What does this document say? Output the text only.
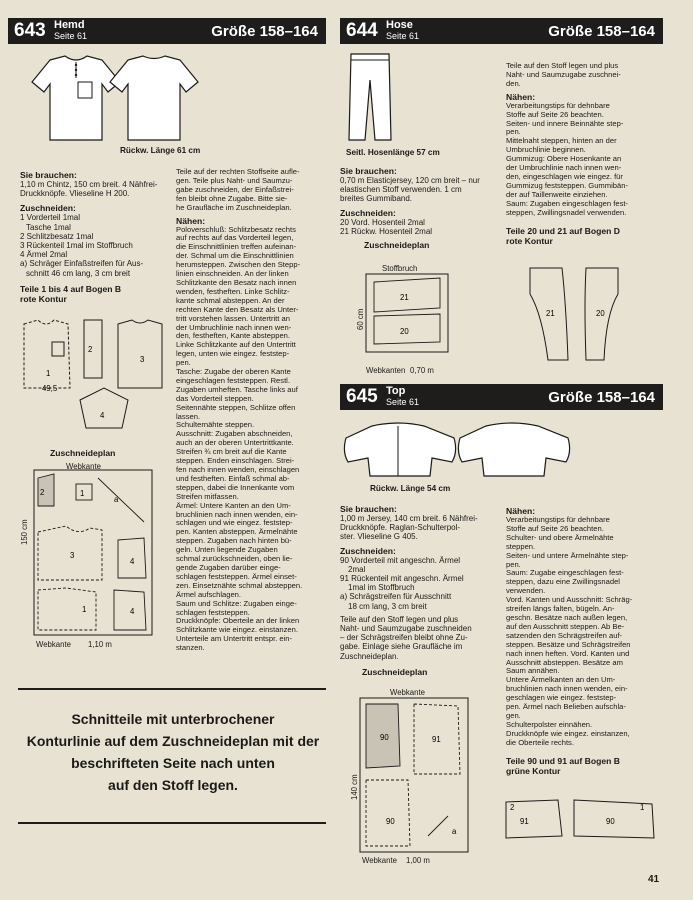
643 Hemd
Seite 61	Größe 158–164
Rückw. Länge 61 cm
Sie brauchen:
1,10 m Chintz, 150 cm breit. 4 Nähfrei-
Druckknöpfe. Vlieseline H 200.
Zuschneiden:
1 Vorderteil 1mal
Tasche 1mal
2 Schlitzbesatz 1mal
3 Rückenteil 1mal im Stoffbruch
4 Ärmel 2mal
a) Schräger Einfaßstreifen für Aus-
schnitt 46 cm lang, 3 cm breit
Teile 1 bis 4 auf Bogen B
rote Kontur
1
2
3
4
49,5
Zuschneideplan
Webkante
2	1
a
3
4
1	4
150 cm
Webkante 1,10 m
Teile auf der rechten Stoffseite aufle-
gen. Teile plus Naht- und Saumzu-
gabe zuschneiden, der Einfaßstrei-
fen bleibt ohne Zugabe. Bitte sie-
he Graufläche im Zuschneideplan.
Nähen:
Poloverschluß: Schlitzbesatz rechts
auf rechts auf das Vorderteil legen,
die Einschnittlinien treffen aufeinan-
der. Schmal um die Einschnittlinien
herumsteppen. Zwischen den Stepp-
linien einschneiden. An der linken
Schlitzkante den Besatz nach innen
wenden, festheften. Linke Schlitz-
kante schmal absteppen. An der
rechten Kante den Besatz als Unter-
tritt vorstehen lassen. Untertritt an
der Umbruchlinie nach innen wen-
den, festheften, Kante absteppen.
Linke Schlitzkante auf den Untertritt
legen, unten wie eingez. feststep-
pen.
Tasche: Zugabe der oberen Kante
eingeschlagen feststeppen. Restl.
Zugaben umheften. Tasche links auf
das Vorderteil steppen.
Seitennähte steppen, Schlitze offen
lassen.
Schulternähte steppen.
Ausschnitt: Zugaben abschneiden,
auch an der oberen Untertrittkante.
Streifen ¾ cm breit auf die Kante
steppen. Enden einschlagen. Strei-
fen nach innen wenden, einschlagen
und festheften. Einfaß schmal ab-
steppen, dabei die Innenkante vom
Streifen mitfassen.
Ärmel: Untere Kanten an den Um-
bruchlinien nach innen wenden, ein-
schlagen und wie eingez. feststep-
pen. Kanten absteppen. Ärmelnähte
steppen. Zugaben nach hinten bü-
geln. Unten liegende Zugaben
schmal zurückschneiden, oben lie-
gende Zugaben darüber einge-
schlagen feststeppen. Ärmel einset-
zen. Einsetznähte schmal absteppen.
Ärmel aufschlagen.
Saum und Schlitze: Zugaben einge-
schlagen feststeppen.
Druckknöpfe: Oberteile an der linken
Schlitzkante wie eingez. einstanzen.
Unterteile am Untertritt entspr. ein-
stanzen.
Schnitteile mit unterbrochener
Konturlinie auf dem Zuschneideplan mit der
beschrifteten Seite nach unten
auf den Stoff legen.
644 Hose
Seite 61	Größe 158–164
Seitl. Hosenlänge 57 cm
Sie brauchen:
0,70 m Elasticjersey, 120 cm breit – nur
elastischen Stoff verwenden. 1 cm
breites Gummiband.
Zuschneiden:
20 Vord. Hosenteil 2mal
21 Rückw. Hosenteil 2mal
Zuschneideplan
Stoffbruch
21
20
60 cm
Webkanten 0,70 m
Teile auf den Stoff legen und plus
Naht- und Saumzugabe zuschnei-
den.
Nähen:
Verarbeitungstips für dehnbare
Stoffe auf Seite 26 beachten.
Seiten- und innere Beinnähte step-
pen.
Mittelnaht steppen, hinten an der
Umbruchlinie beginnen.
Gummizug: Obere Hosenkante an
der Umbruchlinie nach innen wen-
den, eingeschlagen wie eingez. für
Gummizug feststeppen. Gummibän-
der auf Taillenweite einziehen.
Saum: Zugaben eingeschlagen fest-
steppen, Zwillingsnadel verwenden.
Teile 20 und 21 auf Bogen D
rote Kontur
21	20
645 Top
Seite 61	Größe 158–164
Rückw. Länge 54 cm
Sie brauchen:
1,00 m Jersey, 140 cm breit. 6 Nähfrei-
Druckknöpfe. Raglan-Schulterpol-
ster. Vlieseline G 405.
Zuschneiden:
90 Vorderteil mit angeschn. Ärmel
2mal
91 Rückenteil mit angeschn. Ärmel
1mal im Stoffbruch
a) Schrägstreifen für Ausschnitt
18 cm lang, 3 cm breit
Teile auf den Stoff legen und plus
Naht- und Saumzugabe zuschneiden
– der Schrägstreifen bleibt ohne Zu-
gabe. Einlage siehe Graufläche im
Zuschneideplan.
Zuschneideplan
Webkante
90	91
90
a
140 cm
Webkante 1,00 m
Nähen:
Verarbeitungstips für dehnbare
Stoffe auf Seite 26 beachten.
Schulter- und obere Ärmelnähte
steppen.
Seiten- und untere Ärmelnähte step-
pen.
Saum: Zugabe eingeschlagen fest-
steppen, dazu eine Zwillingsnadel
verwenden.
Vord. Kanten und Ausschnitt: Schräg-
streifen längs falten, bügeln. An-
geschn. Besätze nach außen legen,
auf den Ausschnitt steppen. Ab Be-
satzenden den Schrägstreifen auf-
steppen. Besätze und Schrägstreifen
nach innen heften. Vord. Kanten und
Ausschnitt absteppen. Besätze am
Saum annähen.
Untere Ärmelkanten an den Um-
bruchlinien nach innen wenden, ein-
geschlagen wie eingez. feststep-
pen. Ärmel nach Belieben aufschla-
gen.
Schulterpolster einnähen.
Druckknöpfe wie eingez. einstanzen,
die Oberteile rechts.
Teile 90 und 91 auf Bogen B
grüne Kontur
91	90
2	1
41
